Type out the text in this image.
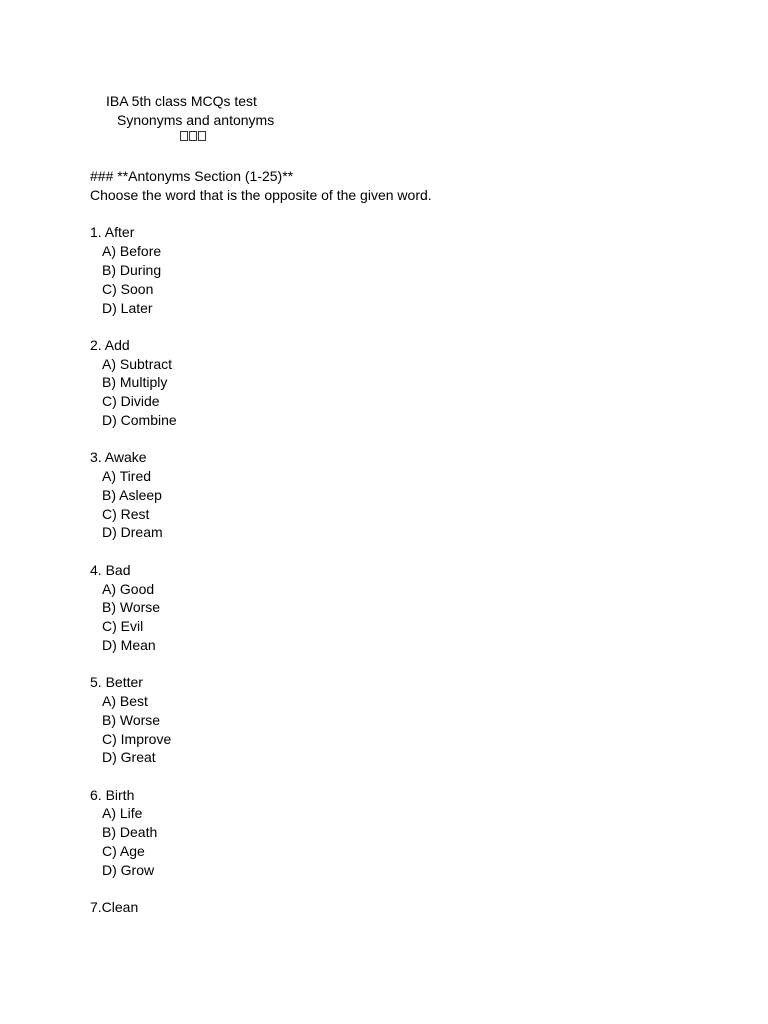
IBA 5th class MCQs test
Synonyms and antonyms
### **Antonyms Section (1-25)**
Choose the word that is the opposite of the given word.
1. After
A) Before
B) During
C) Soon
D) Later
2. Add
A) Subtract
B) Multiply
C) Divide
D) Combine
3. Awake
A) Tired
B) Asleep
C) Rest
D) Dream
4. Bad
A) Good
B) Worse
C) Evil
D) Mean
5. Better
A) Best
B) Worse
C) Improve
D) Great
6. Birth
A) Life
B) Death
C) Age
D) Grow
7.Clean
